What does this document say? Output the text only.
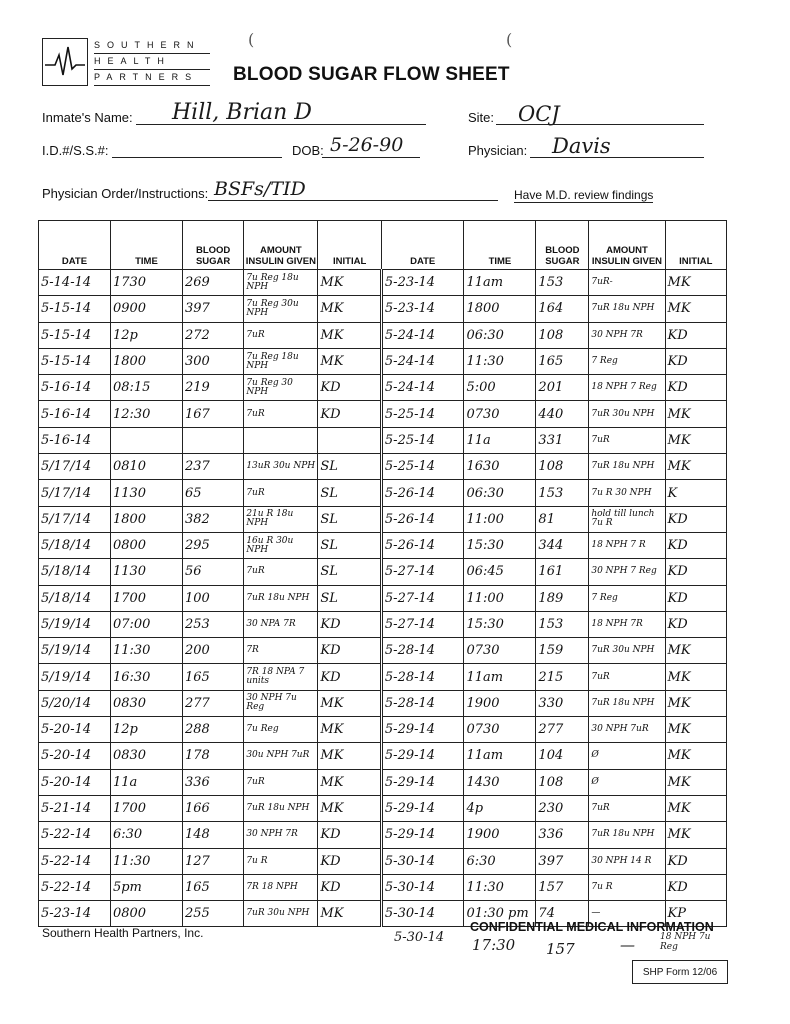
SOUTHERN
HEALTH
PARTNERS	BLOOD SUGAR FLOW SHEET
Inmate's Name: Hill, Brian D	Site: OCJ
I.D.#/S.S.#:	DOB: 5-26-90	Physician: Davis
Physician Order/Instructions: BSFs/TID	Have M.D. review findings
DATE	TIME	BLOOD SUGAR	AMOUNT INSULIN GIVEN	INITIAL	DATE	TIME	BLOOD SUGAR	AMOUNT INSULIN GIVEN	INITIAL
5-14-14	1730	269	7u Reg 18u NPH	MK	5-23-14	11am	153	7uR-	MK
5-15-14	0900	397	7u Reg 30u NPH	MK	5-23-14	1800	164	7uR 18u NPH	MK
5-15-14	12p	272	7uR	MK	5-24-14	06:30	108	30 NPH 7R	KD
5-15-14	1800	300	7u Reg 18u NPH	MK	5-24-14	11:30	165	7 Reg	KD
5-16-14	08:15	219	7u Reg 30 NPH	KD	5-24-14	5:00	201	18 NPH 7 Reg	KD
5-16-14	12:30	167	7uR	KD	5-25-14	0730	440	7uR 30u NPH	MK
5-16-14					5-25-14	11a	331	7uR	MK
5/17/14	0810	237	13uR 30u NPH	SL	5-25-14	1630	108	7uR 18u NPH	MK
5/17/14	1130	65	7uR	SL	5-26-14	06:30	153	7u R 30 NPH	K
5/17/14	1800	382	21u R 18u NPH	SL	5-26-14	11:00	81	hold till lunch 7u R	KD
5/18/14	0800	295	16u R 30u NPH	SL	5-26-14	15:30	344	18 NPH 7 R	KD
5/18/14	1130	56	7uR	SL	5-27-14	06:45	161	30 NPH 7 Reg	KD
5/18/14	1700	100	7uR 18u NPH	SL	5-27-14	11:00	189	7 Reg	KD
5/19/14	07:00	253	30 NPA 7R	KD	5-27-14	15:30	153	18 NPH 7R	KD
5/19/14	11:30	200	7R	KD	5-28-14	0730	159	7uR 30u NPH	MK
5/19/14	16:30	165	7R 18 NPA 7 units	KD	5-28-14	11am	215	7uR	MK
5/20/14	0830	277	30 NPH 7u Reg	MK	5-28-14	1900	330	7uR 18u NPH	MK
5-20-14	12p	288	7u Reg	MK	5-29-14	0730	277	30 NPH 7uR	MK
5-20-14	0830	178	30u NPH 7uR	MK	5-29-14	11am	104	Ø	MK
5-20-14	11a	336	7uR	MK	5-29-14	1430	108	Ø	MK
5-21-14	1700	166	7uR 18u NPH	MK	5-29-14	4p	230	7uR	MK
5-22-14	6:30	148	30 NPH 7R	KD	5-29-14	1900	336	7uR 18u NPH	MK
5-22-14	11:30	127	7u R	KD	5-30-14	6:30	397	30 NPH 14 R	KD
5-22-14	5pm	165	7R 18 NPH	KD	5-30-14	11:30	157	7u R	KD
5-23-14	0800	255	7uR 30u NPH	MK	5-30-14	01:30 pm	74	—	KP
Southern Health Partners, Inc.	CONFIDENTIAL MEDICAL INFORMATION
5-30-14 17:30 157	—	18 NPH 7u Reg
SHP Form 12/06
(	(
